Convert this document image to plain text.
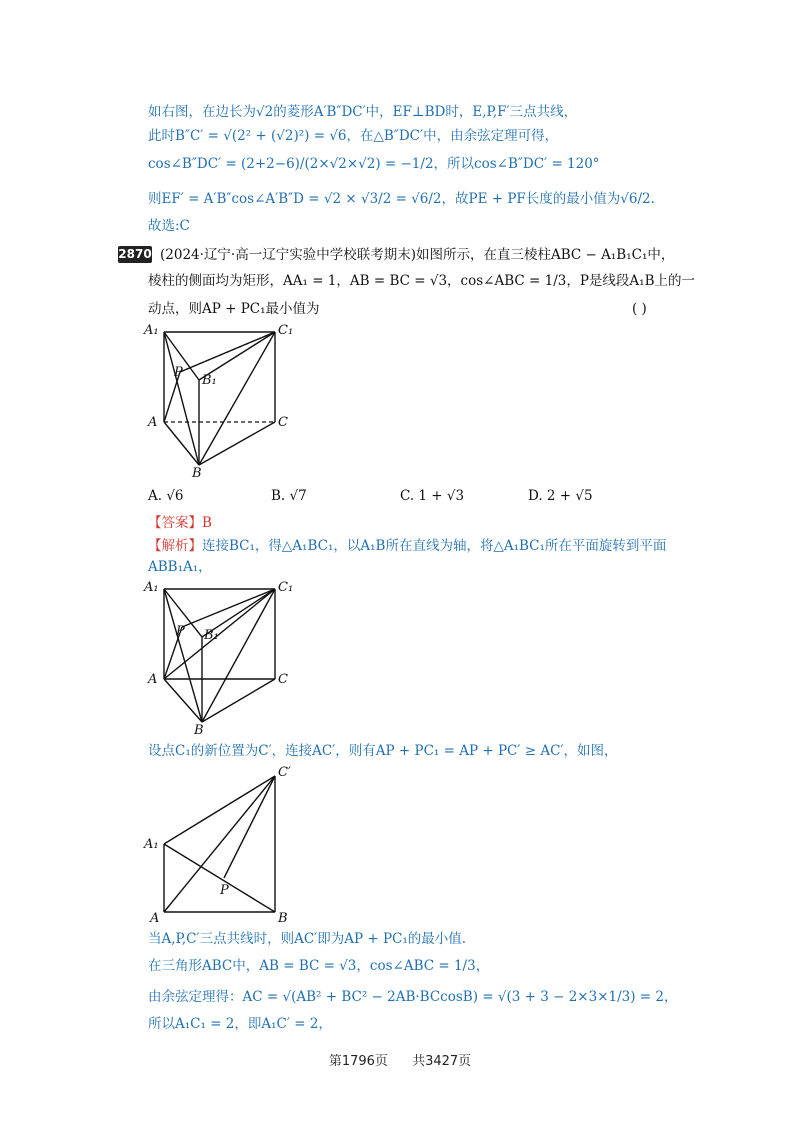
如右图，在边长为√2的菱形A′B″DC′中，EF⊥BD时，E,P,F′三点共线，
此时B″C′ = √(2² + (√2)²) = √6，在△B″DC′中，由余弦定理可得，
cos∠B″DC′ = (2+2−6)/(2×√2×√2) = −1/2，所以cos∠B″DC′ = 120°
则EF′ = A′B″cos∠A′B″D = √2 × √3/2 = √6/2，故PE + PF长度的最小值为√6/2.
故选:C
2870 (2024·辽宁·高一辽宁实验中学校联考期末)如图所示，在直三棱柱ABC − A₁B₁C₁中，
棱柱的侧面均为矩形，AA₁ = 1，AB = BC = √3，cos∠ABC = 1/3，P是线段A₁B上的一
动点，则AP + PC₁最小值为	( )
A₁	C₁
P
B₁
A	C
B
A. √6	B. √7	C. 1 + √3	D. 2 + √5
【答案】B
【解析】连接BC₁，得△A₁BC₁，以A₁B所在直线为轴，将△A₁BC₁所在平面旋转到平面
ABB₁A₁，
A₁	C₁
P B₁
A	C
B
设点C₁的新位置为C′，连接AC′，则有AP + PC₁ = AP + PC′ ≥ AC′，如图，
C′
A₁
P
A	B
当A,P,C′三点共线时，则AC′即为AP + PC₁的最小值.
在三角形ABC中，AB = BC = √3，cos∠ABC = 1/3，
由余弦定理得：AC = √(AB² + BC² − 2AB·BCcosB) = √(3 + 3 − 2×3×1/3) = 2，
所以A₁C₁ = 2，即A₁C′ = 2，
第1796页 共3427页
